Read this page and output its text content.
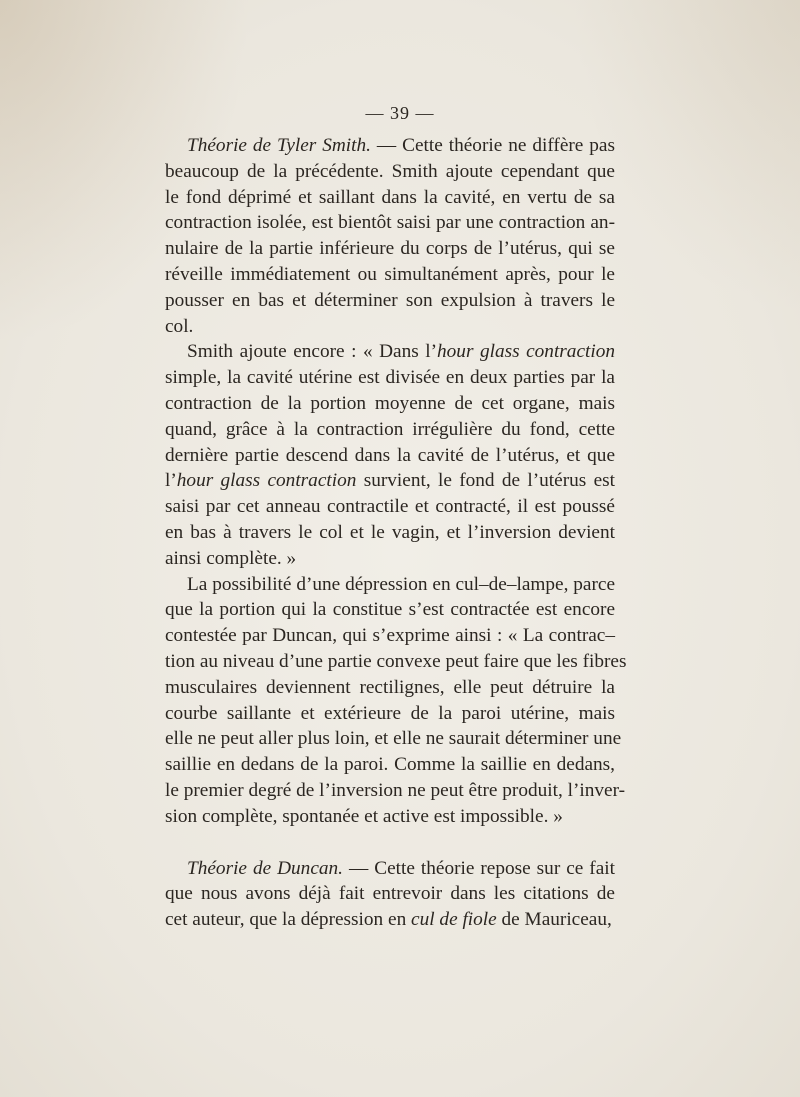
— 39 —

Théorie de Tyler Smith. — Cette théorie ne diffère pas
beaucoup de la précédente. Smith ajoute cependant que
le fond déprimé et saillant dans la cavité, en vertu de sa
contraction isolée, est bientôt saisi par une contraction an-
nulaire de la partie inférieure du corps de l’utérus, qui se
réveille immédiatement ou simultanément après, pour le
pousser en bas et déterminer son expulsion à travers le
col.

Smith ajoute encore : « Dans l’hour glass contraction
simple, la cavité utérine est divisée en deux parties par la
contraction de la portion moyenne de cet organe, mais
quand, grâce à la contraction irrégulière du fond, cette
dernière partie descend dans la cavité de l’utérus, et que
l’hour glass contraction survient, le fond de l’utérus est
saisi par cet anneau contractile et contracté, il est poussé
en bas à travers le col et le vagin, et l’inversion devient
ainsi complète. »

La possibilité d’une dépression en cul–de–lampe, parce
que la portion qui la constitue s’est contractée est encore
contestée par Duncan, qui s’exprime ainsi : « La contrac–
tion au niveau d’une partie convexe peut faire que les fibres
musculaires deviennent rectilignes, elle peut détruire la
courbe saillante et extérieure de la paroi utérine, mais
elle ne peut aller plus loin, et elle ne saurait déterminer une
saillie en dedans de la paroi. Comme la saillie en dedans,
le premier degré de l’inversion ne peut être produit, l’inver-
sion complète, spontanée et active est impossible. »

Théorie de Duncan. — Cette théorie repose sur ce fait
que nous avons déjà fait entrevoir dans les citations de
cet auteur, que la dépression en cul de fiole de Mauriceau,
